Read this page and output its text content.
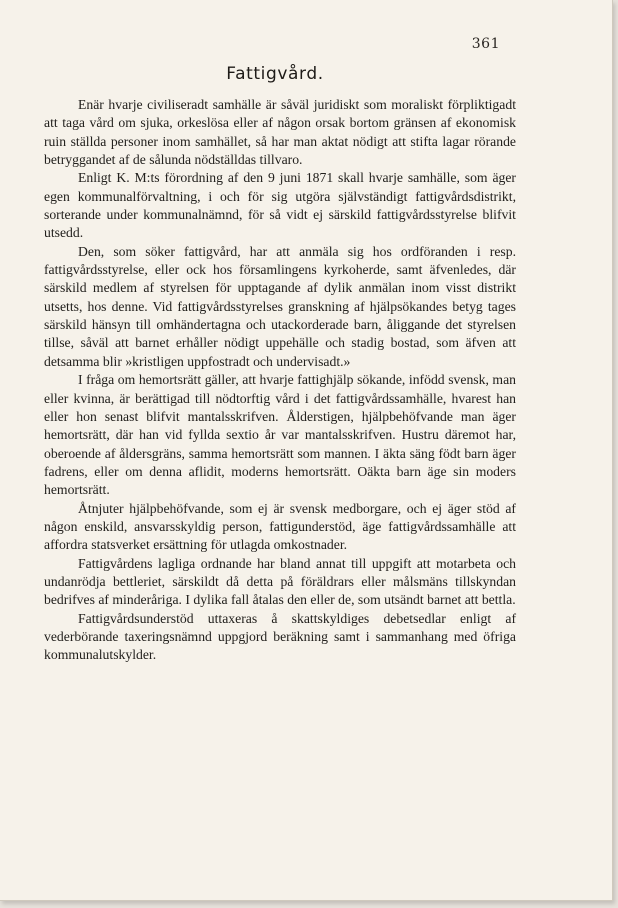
361
Fattigvård.

Enär hvarje civiliseradt samhälle är såväl juridiskt som moraliskt förpliktigadt att taga vård om sjuka, orkeslösa eller af någon orsak bortom gränsen af ekonomisk ruin ställda personer inom samhället, så har man aktat nödigt att stifta lagar rörande betryggandet af de sålunda nödställdas tillvaro.

Enligt K. M:ts förordning af den 9 juni 1871 skall hvarje samhälle, som äger egen kommunalförvaltning, i och för sig utgöra självständigt fattigvårdsdistrikt, sorterande under kommunalnämnd, för så vidt ej särskild fattigvårdsstyrelse blifvit utsedd.

Den, som söker fattigvård, har att anmäla sig hos ordföranden i resp. fattigvårdsstyrelse, eller ock hos församlingens kyrkoherde, samt äfvenledes, där särskild medlem af styrelsen för upptagande af dylik anmälan inom visst distrikt utsetts, hos denne. Vid fattigvårdsstyrelses granskning af hjälpsökandes betyg tages särskild hänsyn till omhändertagna och utackorderade barn, åliggande det styrelsen tillse, såväl att barnet erhåller nödigt uppehälle och stadig bostad, som äfven att detsamma blir »kristligen uppfostradt och undervisadt.»

I fråga om hemortsrätt gäller, att hvarje fattighjälp sökande, infödd svensk, man eller kvinna, är berättigad till nödtorftig vård i det fattigvårdssamhälle, hvarest han eller hon senast blifvit mantalsskrifven. Ålderstigen, hjälpbehöfvande man äger hemortsrätt, där han vid fyllda sextio år var mantalsskrifven. Hustru däremot har, oberoende af åldersgräns, samma hemortsrätt som mannen. I äkta säng födt barn äger fadrens, eller om denna aflidit, moderns hemortsrätt. Oäkta barn äge sin moders hemortsrätt.

Åtnjuter hjälpbehöfvande, som ej är svensk medborgare, och ej äger stöd af någon enskild, ansvarsskyldig person, fattigunderstöd, äge fattigvårdssamhälle att affordra statsverket ersättning för utlagda omkostnader.

Fattigvårdens lagliga ordnande har bland annat till uppgift att motarbeta och undanrödja bettleriet, särskildt då detta på föräldrars eller målsmäns tillskyndan bedrifves af minderåriga. I dylika fall åtalas den eller de, som utsändt barnet att bettla.

Fattigvårdsunderstöd uttaxeras å skattskyldiges debetsedlar enligt af vederbörande taxeringsnämnd uppgjord beräkning samt i sammanhang med öfriga kommunalutskylder.
